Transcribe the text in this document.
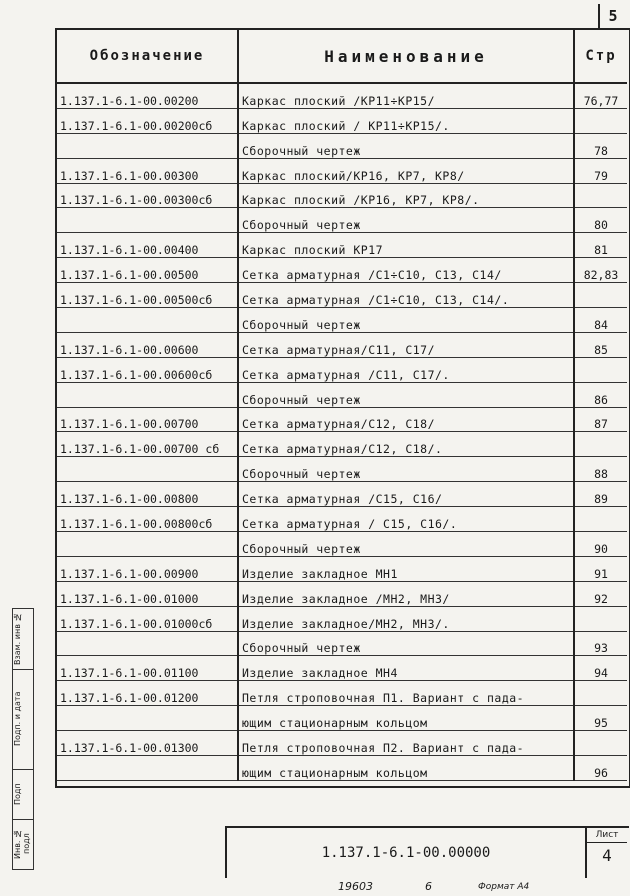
5
Обозначение	Наименование	Стр
1.137.1-6.1-00.00200	Каркас плоский /КР11÷КР15/	76,77
1.137.1-6.1-00.00200сб	Каркас плоский / КР11÷КР15/.	
	Сборочный чертеж	78
1.137.1-6.1-00.00300	Каркас плоский/КР16, КР7, КР8/	79
1.137.1-6.1-00.00300сб	Каркас плоский /КР16, КР7, КР8/.	
	Сборочный чертеж	80
1.137.1-6.1-00.00400	Каркас плоский КР17	81
1.137.1-6.1-00.00500	Сетка арматурная /С1÷С10, С13, С14/	82,83
1.137.1-6.1-00.00500сб	Сетка арматурная /С1÷С10, С13, С14/.	
	Сборочный чертеж	84
1.137.1-6.1-00.00600	Сетка арматурная/С11, С17/	85
1.137.1-6.1-00.00600сб	Сетка арматурная /С11, С17/.	
	Сборочный чертеж	86
1.137.1-6.1-00.00700	Сетка арматурная/С12, С18/	87
1.137.1-6.1-00.00700 сб	Сетка арматурная/С12, С18/.	
	Сборочный чертеж	88
1.137.1-6.1-00.00800	Сетка арматурная /С15, С16/	89
1.137.1-6.1-00.00800сб	Сетка арматурная / С15, С16/.	
	Сборочный чертеж	90
1.137.1-6.1-00.00900	Изделие закладное МН1	91
1.137.1-6.1-00.01000	Изделие закладное /МН2, МН3/	92
1.137.1-6.1-00.01000сб	Изделие закладное/МН2, МН3/.	
	Сборочный чертеж	93
1.137.1-6.1-00.01100	Изделие закладное МН4	94
1.137.1-6.1-00.01200	Петля строповочная П1. Вариант с пада-	
	ющим стационарным кольцом	95
1.137.1-6.1-00.01300	Петля строповочная П2. Вариант с пада-	
	ющим стационарным кольцом	96
Взам. инв №
Подп. и дата
Подп
Инв. № подл	1.137.1-6.1-00.00000
Лист
4
19603	6	Формат А4
